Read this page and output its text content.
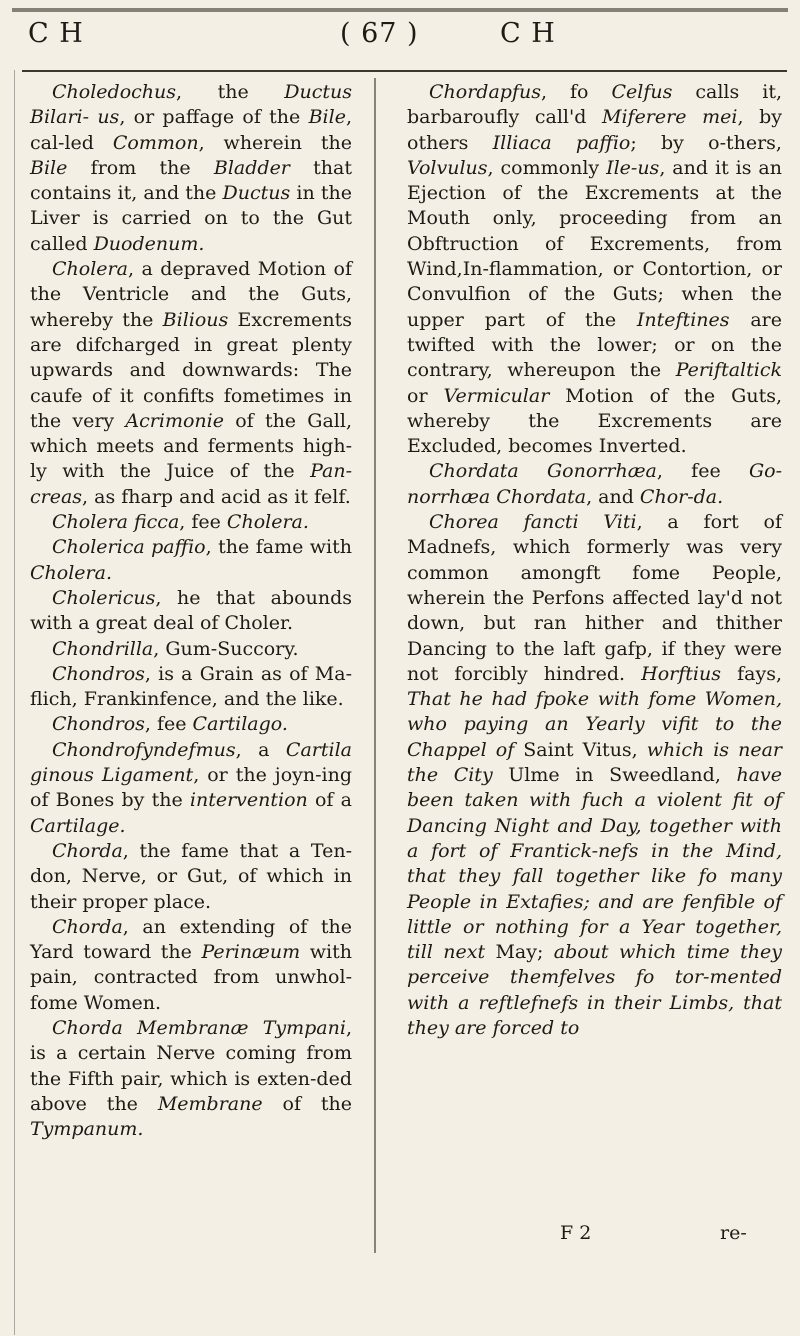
C H	( 67 )	C H

Choledochus, the Ductus Bilari- us, or paffage of the Bile, cal-led Common, wherein the Bile from the Bladder that contains it, and the Ductus in the Liver is carried on to the Gut called Duodenum.

Cholera, a depraved Motion of the Ventricle and the Guts, whereby the Bilious Excrements are difcharged in great plenty upwards and downwards: The caufe of it confifts fometimes in the very Acrimonie of the Gall, which meets and ferments high-ly with the Juice of the Pan-creas, as fharp and acid as it felf.

Cholera ficca, fee Cholera.

Cholerica paffio, the fame with Cholera.

Cholericus, he that abounds with a great deal of Choler.

Chondrilla, Gum-Succory.

Chondros, is a Grain as of Ma-flich, Frankinfence, and the like.

Chondros, fee Cartilago.

Chondrofyndefmus, a Cartila ginous Ligament, or the joyn-ing of Bones by the intervention of a Cartilage.

Chorda, the fame that a Ten-don, Nerve, or Gut, of which in their proper place.

Chorda, an extending of the Yard toward the Perinæum with pain, contracted from unwhol-fome Women.

Chorda Membranæ Tympani, is a certain Nerve coming from the Fifth pair, which is exten-ded above the Membrane of the Tympanum.

Chordapfus, fo Celfus calls it, barbaroufly call'd Miferere mei, by others Illiaca paffio; by o-thers, Volvulus, commonly Ile-us, and it is an Ejection of the Excrements at the Mouth only, proceeding from an Obftruction of Excrements, from Wind,In-flammation, or Contortion, or Convulfion of the Guts; when the upper part of the Inteftines are twifted with the lower; or on the contrary, whereupon the Periftaltick or Vermicular Motion of the Guts, whereby the Excrements are Excluded, becomes Inverted.

Chordata Gonorrhæa, fee Go-norrhæa Chordata, and Chor-da.

Chorea fancti Viti, a fort of Madnefs, which formerly was very common amongft fome People, wherein the Perfons affected lay'd not down, but ran hither and thither Dancing to the laft gafp, if they were not forcibly hindred. Horftius fays, That he had fpoke with fome Women, who paying an Yearly vifit to the Chappel of Saint Vitus, which is near the City Ulme in Sweedland, have been taken with fuch a violent fit of Dancing Night and Day, together with a fort of Frantick-nefs in the Mind, that they fall together like fo many People in Extafies; and are fenfible of little or nothing for a Year together, till next May; about which time they perceive themfelves fo tor-mented with a reftlefnefs in their Limbs, that they are forced to

F 2	re-
